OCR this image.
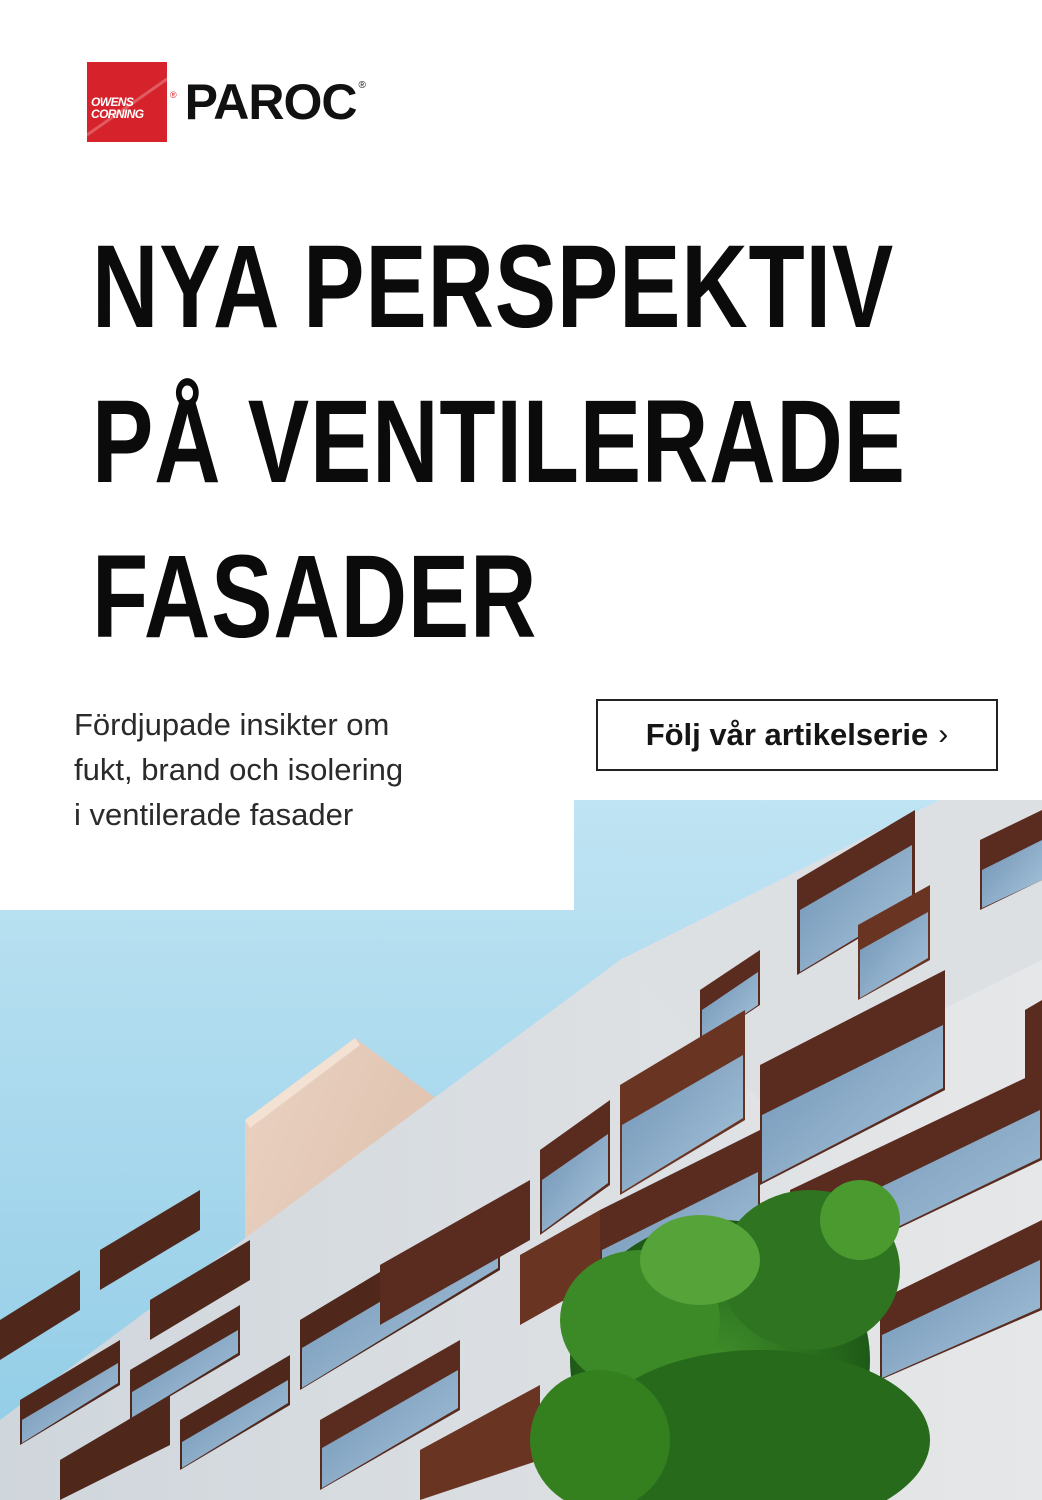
OWENS
CORNING
® PAROC ®
NYA PERSPEKTIV
PÅ VENTILERADE
FASADER
Fördjupade insikter om
fukt, brand och isolering
i ventilerade fasader
Följ vår artikelserie ›
